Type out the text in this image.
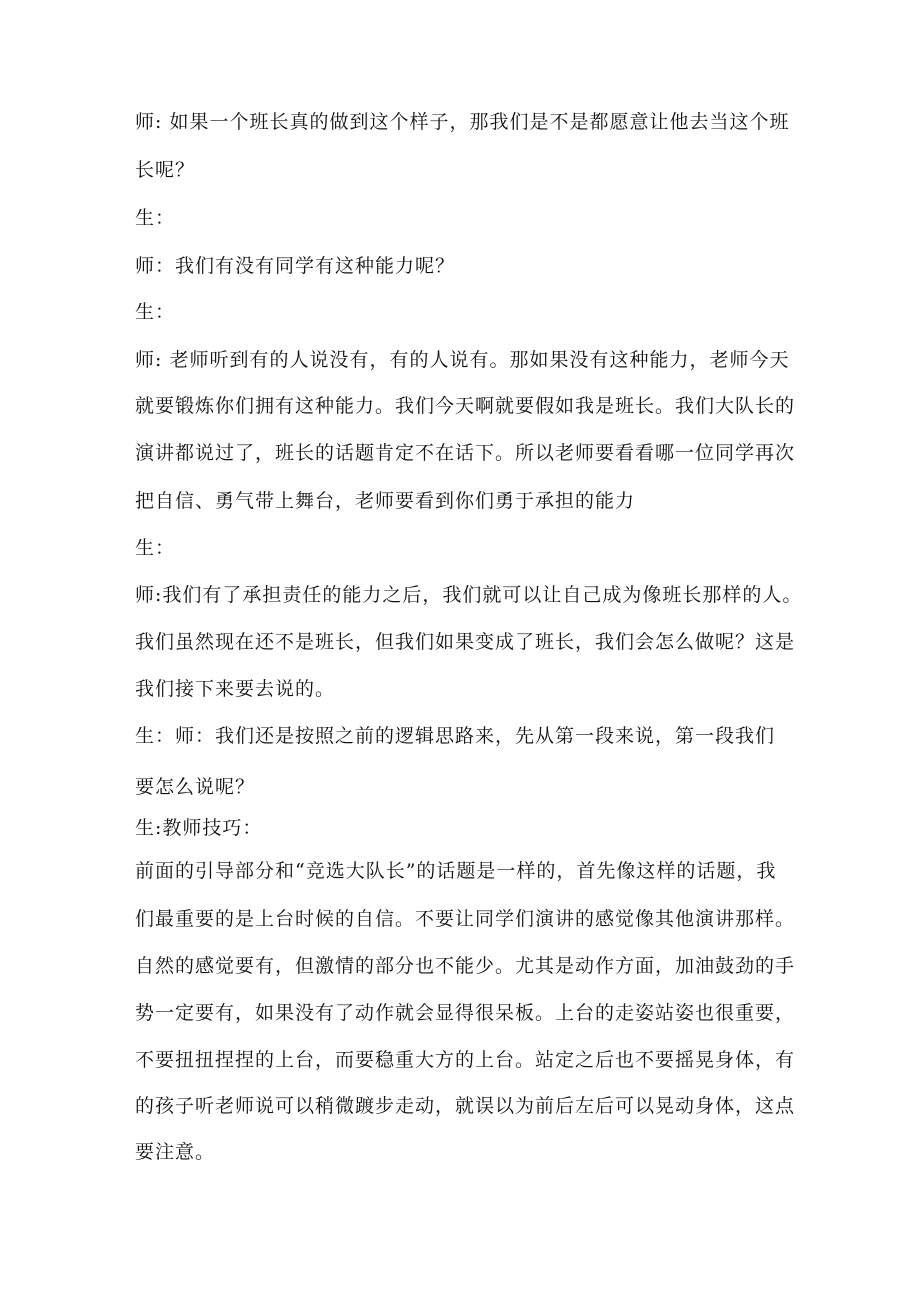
师: 如果一个班长真的做到这个样子，那我们是不是都愿意让他去当这个班
长呢？
生：
师：我们有没有同学有这种能力呢？
生：
师: 老师听到有的人说没有，有的人说有。那如果没有这种能力，老师今天
就要锻炼你们拥有这种能力。我们今天啊就要假如我是班长。我们大队长的
演讲都说过了，班长的话题肯定不在话下。所以老师要看看哪一位同学再次
把自信、勇气带上舞台，老师要看到你们勇于承担的能力
生：
师:我们有了承担责任的能力之后，我们就可以让自己成为像班长那样的人。
我们虽然现在还不是班长，但我们如果变成了班长，我们会怎么做呢？这是
我们接下来要去说的。
生：师：我们还是按照之前的逻辑思路来，先从第一段来说，第一段我们
要怎么说呢？
生:教师技巧：
前面的引导部分和“竞选大队长”的话题是一样的，首先像这样的话题，我
们最重要的是上台时候的自信。不要让同学们演讲的感觉像其他演讲那样。
自然的感觉要有，但激情的部分也不能少。尤其是动作方面，加油鼓劲的手
势一定要有，如果没有了动作就会显得很呆板。上台的走姿站姿也很重要，
不要扭扭捏捏的上台，而要稳重大方的上台。站定之后也不要摇晃身体，有
的孩子听老师说可以稍微踱步走动，就误以为前后左后可以晃动身体，这点
要注意。
